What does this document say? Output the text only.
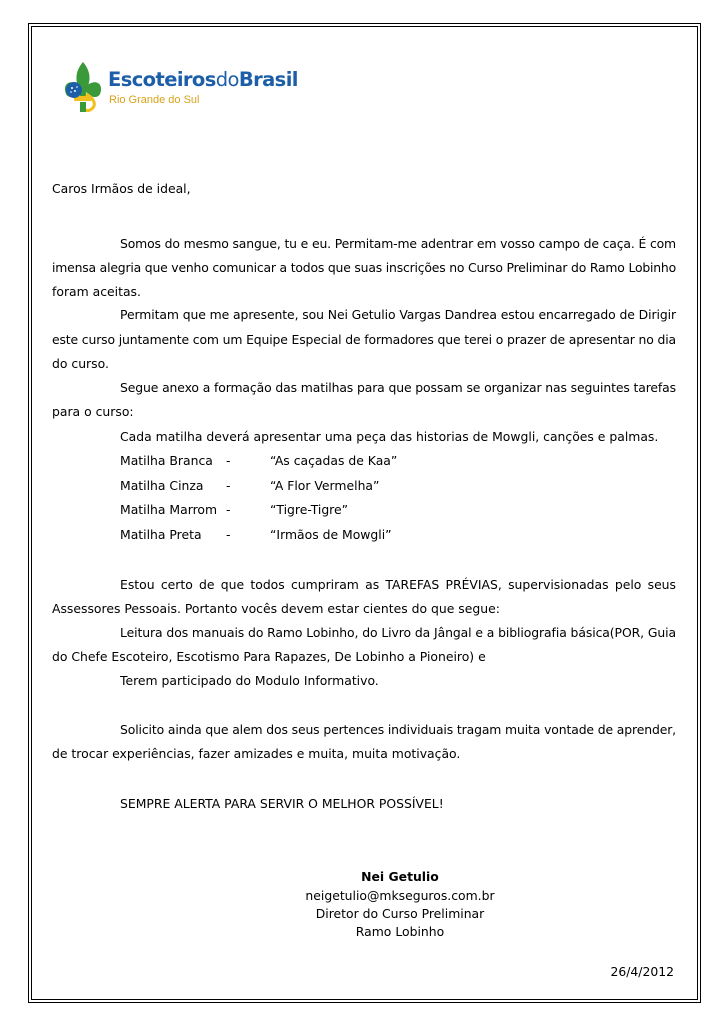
EscoteirosdoBrasil
Rio Grande do Sul
Caros Irmãos de ideal,
Somos do mesmo sangue, tu e eu. Permitam-me adentrar em vosso campo de caça. É com
imensa alegria que venho comunicar a todos que suas inscrições no Curso Preliminar do Ramo Lobinho
foram aceitas.
Permitam que me apresente, sou Nei Getulio Vargas Dandrea estou encarregado de Dirigir
este curso juntamente com um Equipe Especial de formadores que terei o prazer de apresentar no dia
do curso.
Segue anexo a formação das matilhas para que possam se organizar nas seguintes tarefas
para o curso:
Cada matilha deverá apresentar uma peça das historias de Mowgli, canções e palmas.
Matilha Branca -	“As caçadas de Kaa”
Matilha Cinza -	“A Flor Vermelha”
Matilha Marrom -	“Tigre-Tigre”
Matilha Preta -	“Irmãos de Mowgli”
Estou certo de que todos cumpriram as TAREFAS PRÉVIAS, supervisionadas pelo seus
Assessores Pessoais. Portanto vocês devem estar cientes do que segue:
Leitura dos manuais do Ramo Lobinho, do Livro da Jângal e a bibliografia básica(POR, Guia
do Chefe Escoteiro, Escotismo Para Rapazes, De Lobinho a Pioneiro) e
Terem participado do Modulo Informativo.
Solicito ainda que alem dos seus pertences individuais tragam muita vontade de aprender,
de trocar experiências, fazer amizades e muita, muita motivação.
SEMPRE ALERTA PARA SERVIR O MELHOR POSSÍVEL!
Nei Getulio
neigetulio@mkseguros.com.br
Diretor do Curso Preliminar
Ramo Lobinho
26/4/2012
